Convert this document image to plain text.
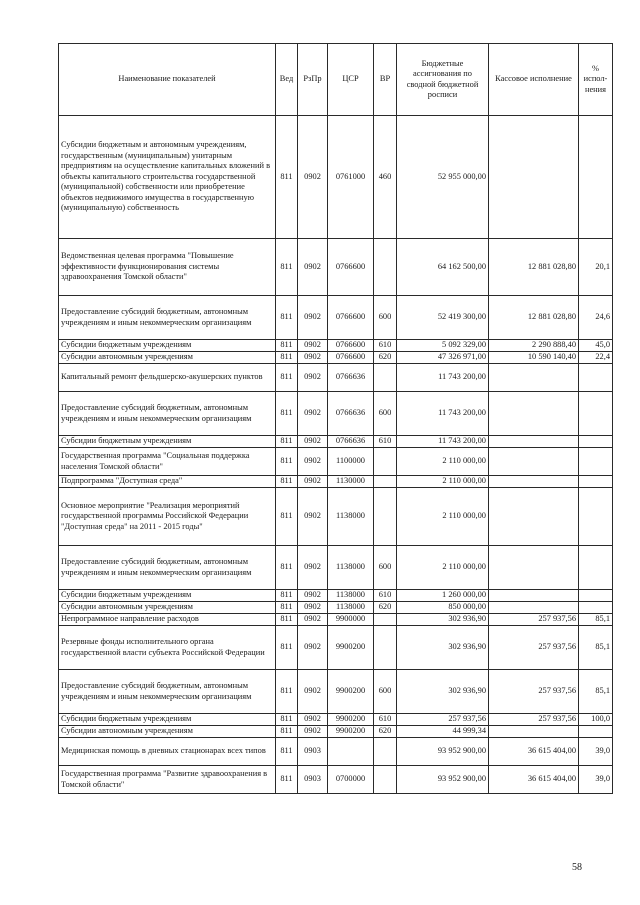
Наименование показателей	Вед	РзПр	ЦСР	ВР	Бюджетные ассигнования по сводной бюджетной росписи	Кассовое исполнение	% испол-нения
Субсидии бюджетным и автономным учреждениям, государственным (муниципальным) унитарным предприятиям на осуществление капитальных вложений в объекты капитального строительства государственной (муниципальной) собственности или приобретение объектов недвижимого имущества в государственную (муниципальную) собственность	811	0902	0761000	460	52 955 000,00		
Ведомственная целевая программа "Повышение эффективности функционирования системы здравоохранения Томской области"	811	0902	0766600		64 162 500,00	12 881 028,80	20,1
Предоставление субсидий бюджетным, автономным учреждениям и иным некоммерческим организациям	811	0902	0766600	600	52 419 300,00	12 881 028,80	24,6
Субсидии бюджетным учреждениям	811	0902	0766600	610	5 092 329,00	2 290 888,40	45,0
Субсидии автономным учреждениям	811	0902	0766600	620	47 326 971,00	10 590 140,40	22,4
Капитальный ремонт фельдшерско-акушерских пунктов	811	0902	0766636		11 743 200,00		
Предоставление субсидий бюджетным, автономным учреждениям и иным некоммерческим организациям	811	0902	0766636	600	11 743 200,00		
Субсидии бюджетным учреждениям	811	0902	0766636	610	11 743 200,00		
Государственная программа "Социальная поддержка населения Томской области"	811	0902	1100000		2 110 000,00		
Подпрограмма "Доступная среда"	811	0902	1130000		2 110 000,00		
Основное мероприятие "Реализация мероприятий государственной программы Российской Федерации "Доступная среда" на 2011 - 2015 годы"	811	0902	1138000		2 110 000,00		
Предоставление субсидий бюджетным, автономным учреждениям и иным некоммерческим организациям	811	0902	1138000	600	2 110 000,00		
Субсидии бюджетным учреждениям	811	0902	1138000	610	1 260 000,00		
Субсидии автономным учреждениям	811	0902	1138000	620	850 000,00		
Непрограммное направление расходов	811	0902	9900000		302 936,90	257 937,56	85,1
Резервные фонды исполнительного органа государственной власти субъекта Российской Федерации	811	0902	9900200		302 936,90	257 937,56	85,1
Предоставление субсидий бюджетным, автономным учреждениям и иным некоммерческим организациям	811	0902	9900200	600	302 936,90	257 937,56	85,1
Субсидии бюджетным учреждениям	811	0902	9900200	610	257 937,56	257 937,56	100,0
Субсидии автономным учреждениям	811	0902	9900200	620	44 999,34		
Медицинская помощь в дневных стационарах всех типов	811	0903			93 952 900,00	36 615 404,00	39,0
Государственная программа "Развитие здравоохранения в Томской области"	811	0903	0700000		93 952 900,00	36 615 404,00	39,0
58
